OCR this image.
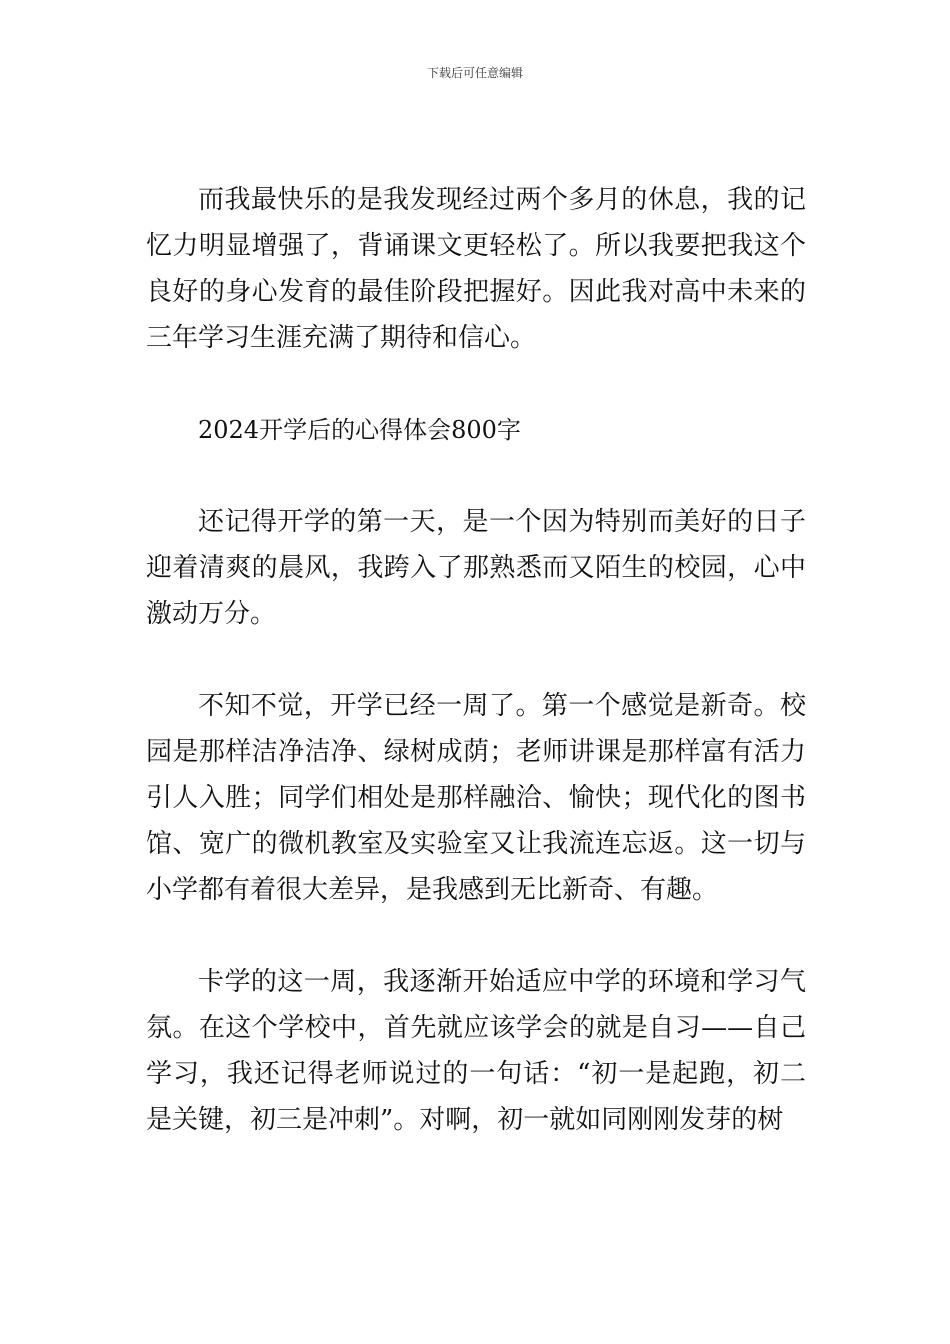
下载后可任意编辑

而我最快乐的是我发现经过两个多月的休息，我的记忆力明显增强了，背诵课文更轻松了。所以我要把我这个良好的身心发育的最佳阶段把握好。因此我对高中未来的三年学习生涯充满了期待和信心。

2024开学后的心得体会800字

还记得开学的第一天，是一个因为特别而美好的日子迎着清爽的晨风，我跨入了那熟悉而又陌生的校园，心中激动万分。

不知不觉，开学已经一周了。第一个感觉是新奇。校园是那样洁净洁净、绿树成荫；老师讲课是那样富有活力引人入胜；同学们相处是那样融洽、愉快；现代化的图书馆、宽广的微机教室及实验室又让我流连忘返。这一切与小学都有着很大差异，是我感到无比新奇、有趣。

卡学的这一周，我逐渐开始适应中学的环境和学习气氛。在这个学校中，首先就应该学会的就是自习——自己学习，我还记得老师说过的一句话：“初一是起跑，初二是关键，初三是冲刺”。对啊，初一就如同刚刚发芽的树
